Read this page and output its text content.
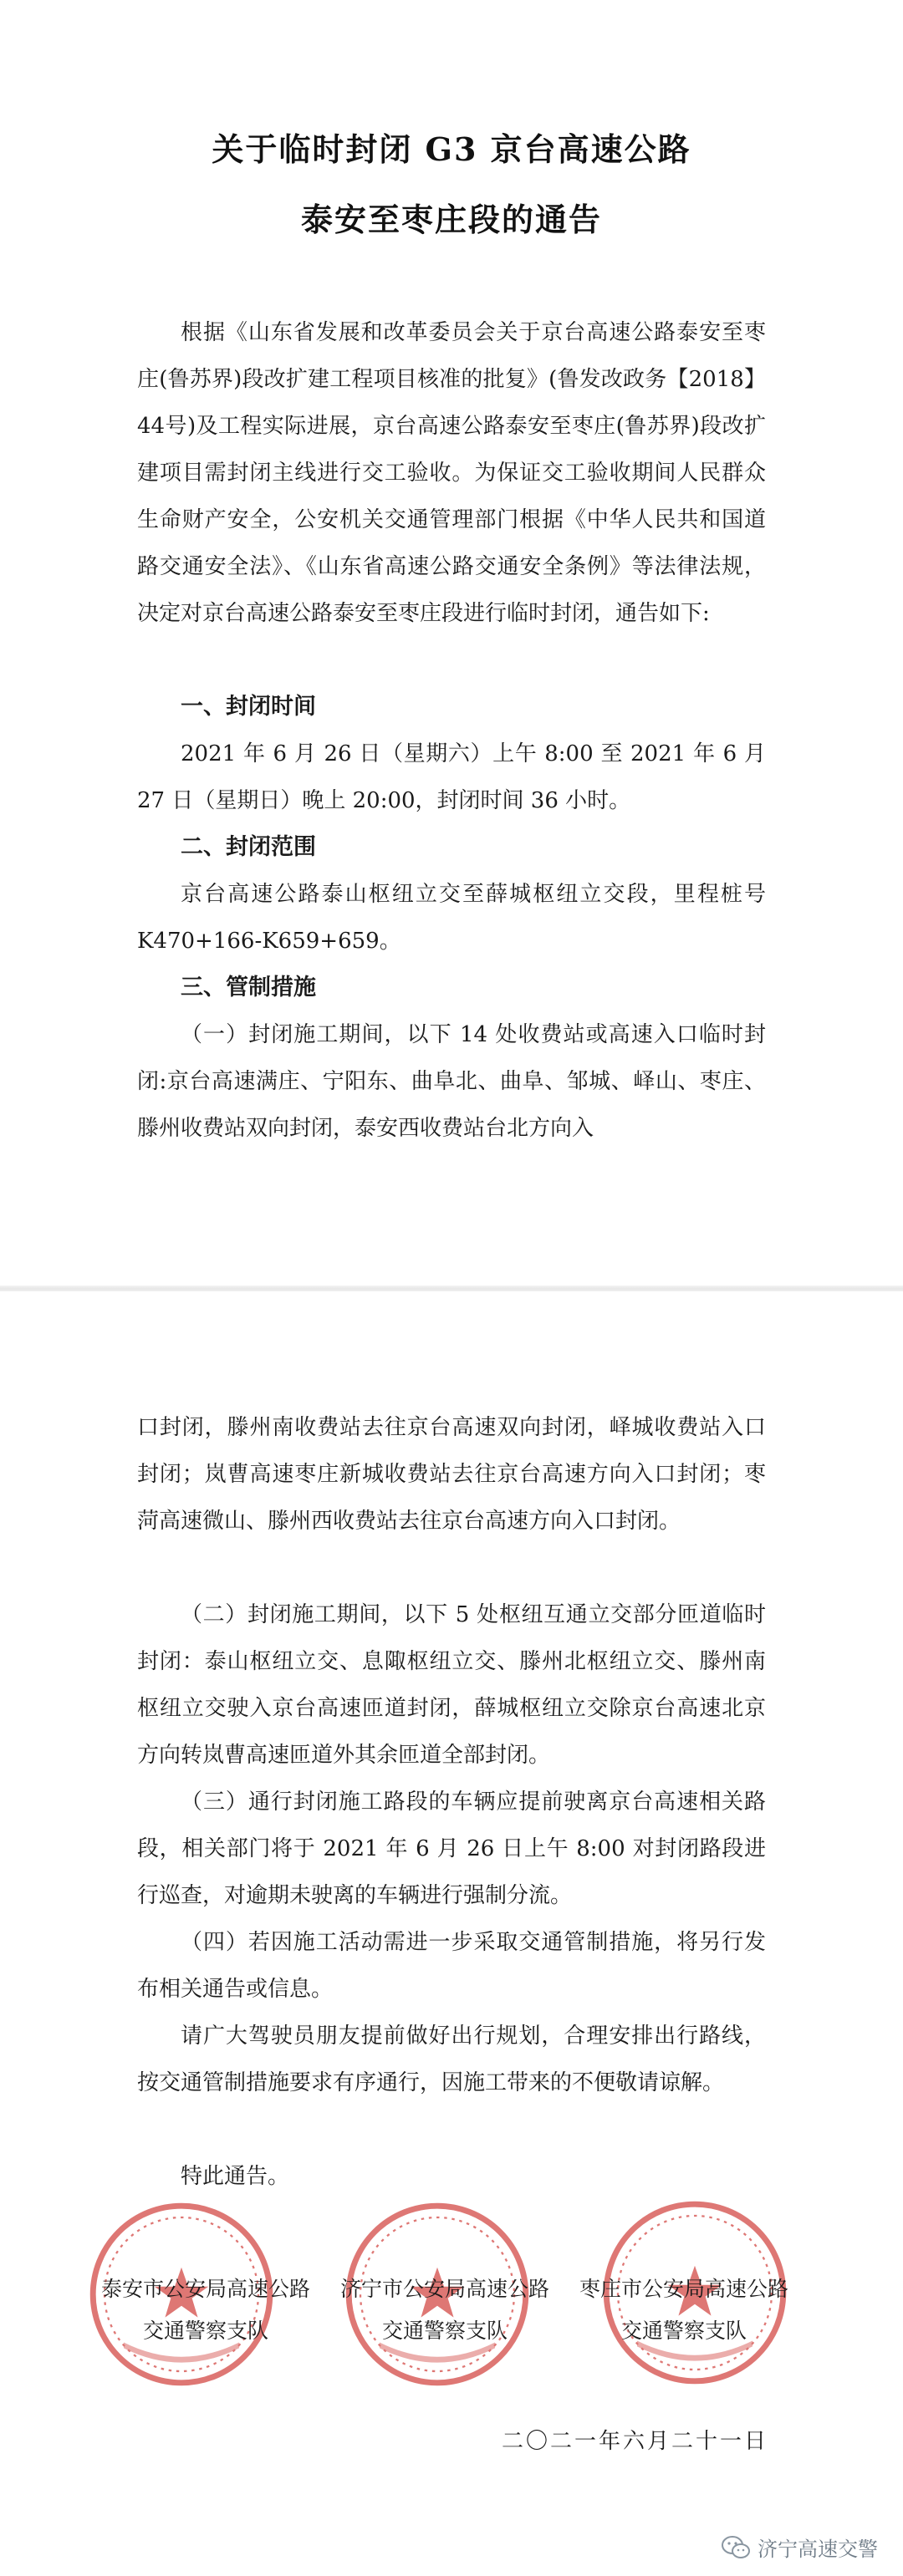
关于临时封闭 G3 京台高速公路
泰安至枣庄段的通告

根据《山东省发展和改革委员会关于京台高速公路泰安至枣庄(鲁苏界)段改扩建工程项目核准的批复》(鲁发改政务【2018】44号)及工程实际进展，京台高速公路泰安至枣庄(鲁苏界)段改扩建项目需封闭主线进行交工验收。为保证交工验收期间人民群众生命财产安全，公安机关交通管理部门根据《中华人民共和国道路交通安全法》、《山东省高速公路交通安全条例》等法律法规，决定对京台高速公路泰安至枣庄段进行临时封闭，通告如下:

一、封闭时间

2021 年 6 月 26 日（星期六）上午 8:00 至 2021 年 6 月 27 日（星期日）晚上 20:00，封闭时间 36 小时。

二、封闭范围

京台高速公路泰山枢纽立交至薛城枢纽立交段，里程桩号 K470+166-K659+659。

三、管制措施

（一）封闭施工期间，以下 14 处收费站或高速入口临时封闭:京台高速满庄、宁阳东、曲阜北、曲阜、邹城、峄山、枣庄、滕州收费站双向封闭，泰安西收费站台北方向入

口封闭，滕州南收费站去往京台高速双向封闭，峄城收费站入口封闭；岚曹高速枣庄新城收费站去往京台高速方向入口封闭；枣菏高速微山、滕州西收费站去往京台高速方向入口封闭。

（二）封闭施工期间，以下 5 处枢纽互通立交部分匝道临时封闭：泰山枢纽立交、息陬枢纽立交、滕州北枢纽立交、滕州南枢纽立交驶入京台高速匝道封闭，薛城枢纽立交除京台高速北京方向转岚曹高速匝道外其余匝道全部封闭。

（三）通行封闭施工路段的车辆应提前驶离京台高速相关路段，相关部门将于 2021 年 6 月 26 日上午 8:00 对封闭路段进行巡查，对逾期未驶离的车辆进行强制分流。

（四）若因施工活动需进一步采取交通管制措施，将另行发布相关通告或信息。

请广大驾驶员朋友提前做好出行规划，合理安排出行路线，按交通管制措施要求有序通行，因施工带来的不便敬请谅解。

特此通告。

泰安市公安局高速公路
交通警察支队
济宁市公安局高速公路
交通警察支队
枣庄市公安局高速公路
交通警察支队
二〇二一年六月二十一日
济宁高速交警
